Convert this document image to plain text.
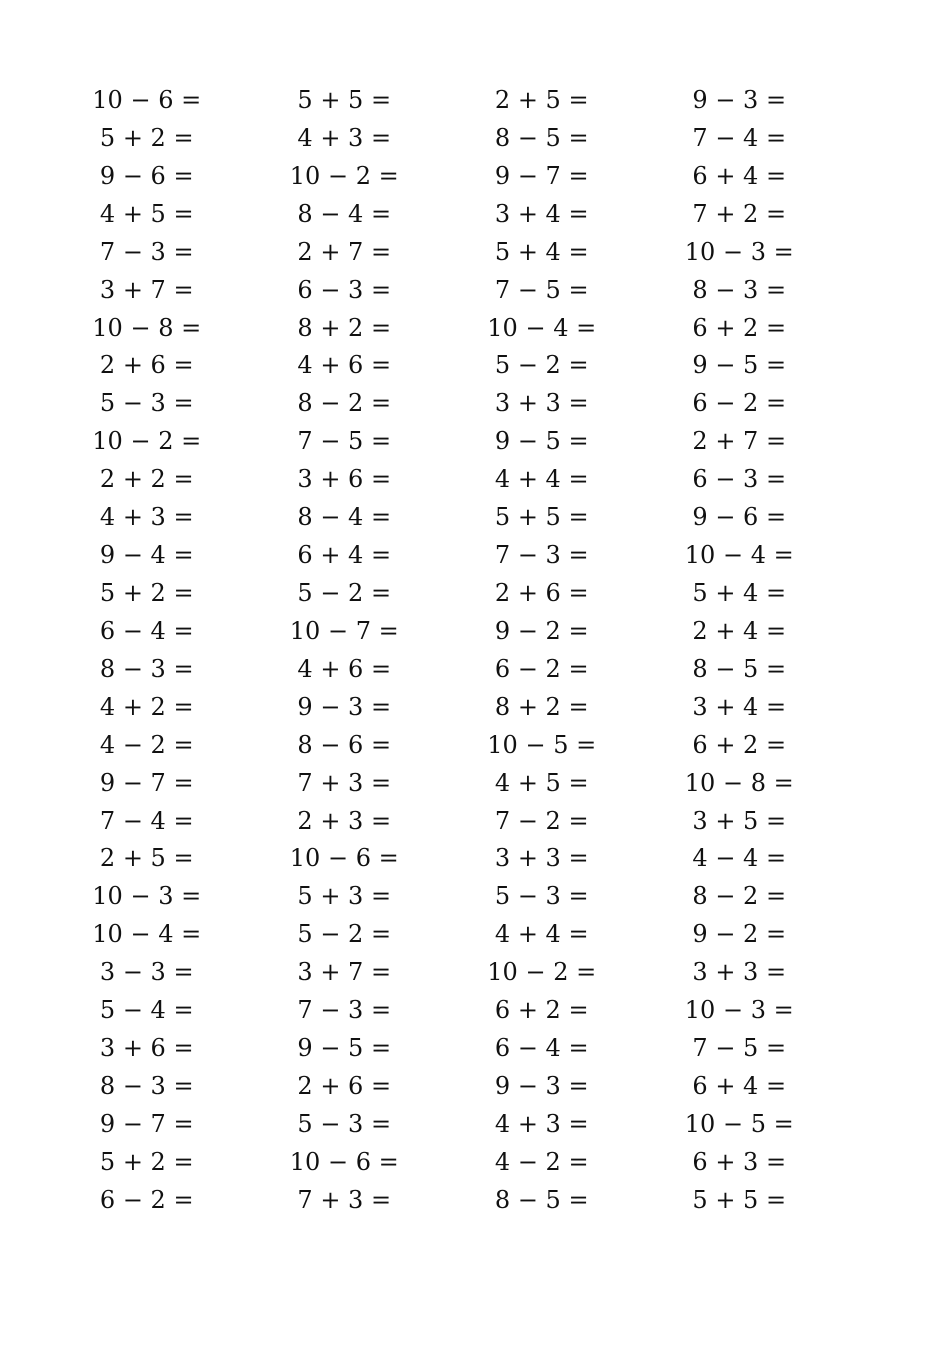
10 − 6 =	5 + 5 =	2 + 5 =	9 − 3 =
5 + 2 =	4 + 3 =	8 − 5 =	7 − 4 =
9 − 6 =	10 − 2 =	9 − 7 =	6 + 4 =
4 + 5 =	8 − 4 =	3 + 4 =	7 + 2 =
7 − 3 =	2 + 7 =	5 + 4 =	10 − 3 =
3 + 7 =	6 − 3 =	7 − 5 =	8 − 3 =
10 − 8 =	8 + 2 =	10 − 4 =	6 + 2 =
2 + 6 =	4 + 6 =	5 − 2 =	9 − 5 =
5 − 3 =	8 − 2 =	3 + 3 =	6 − 2 =
10 − 2 =	7 − 5 =	9 − 5 =	2 + 7 =
2 + 2 =	3 + 6 =	4 + 4 =	6 − 3 =
4 + 3 =	8 − 4 =	5 + 5 =	9 − 6 =
9 − 4 =	6 + 4 =	7 − 3 =	10 − 4 =
5 + 2 =	5 − 2 =	2 + 6 =	5 + 4 =
6 − 4 =	10 − 7 =	9 − 2 =	2 + 4 =
8 − 3 =	4 + 6 =	6 − 2 =	8 − 5 =
4 + 2 =	9 − 3 =	8 + 2 =	3 + 4 =
4 − 2 =	8 − 6 =	10 − 5 =	6 + 2 =
9 − 7 =	7 + 3 =	4 + 5 =	10 − 8 =
7 − 4 =	2 + 3 =	7 − 2 =	3 + 5 =
2 + 5 =	10 − 6 =	3 + 3 =	4 − 4 =
10 − 3 =	5 + 3 =	5 − 3 =	8 − 2 =
10 − 4 =	5 − 2 =	4 + 4 =	9 − 2 =
3 − 3 =	3 + 7 =	10 − 2 =	3 + 3 =
5 − 4 =	7 − 3 =	6 + 2 =	10 − 3 =
3 + 6 =	9 − 5 =	6 − 4 =	7 − 5 =
8 − 3 =	2 + 6 =	9 − 3 =	6 + 4 =
9 − 7 =	5 − 3 =	4 + 3 =	10 − 5 =
5 + 2 =	10 − 6 =	4 − 2 =	6 + 3 =
6 − 2 =	7 + 3 =	8 − 5 =	5 + 5 =
